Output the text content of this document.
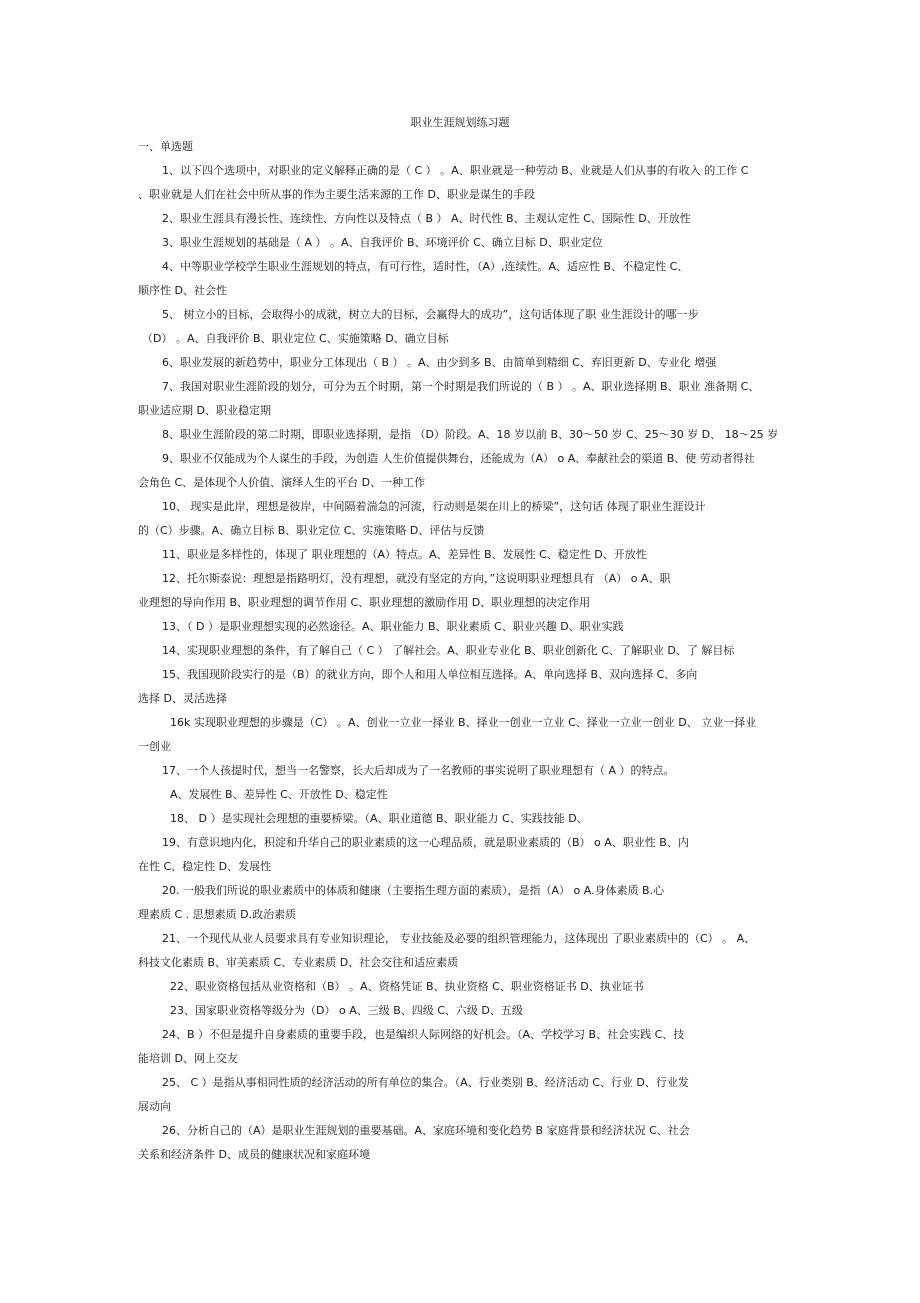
职业生涯规划练习题
一、单选题
1、以下四个选项中，对职业的定义解释正确的是（ C ） 。A、职业就是一种劳动 B、业就是人们从事的有收入 的工作 C
、职业就是人们在社会中所从事的作为主要生活来源的工作 D、职业是谋生的手段
2、职业生涯具有漫长性、连续性、方向性以及特点（ B ） A、时代性 B、主观认定性 C、国际性 D、开放性
3、职业生涯规划的基础是（ A ） 。A、自我评价 B、环境评价 C、确立目标 D、职业定位
4、中等职业学校学生职业生涯规划的特点，有可行性，适时性，（A）,连续性。A、适应性 B、不稳定性 C、
顺序性 D、社会性
5、 树立小的目标，会取得小的成就，树立大的目标，会赢得大的成功”，这句话体现了职 业生涯设计的哪一步
（D） 。A、自我评价 B、职业定位 C、实施策略 D、确立目标
6、职业发展的新趋势中，职业分工体现出（ B ） 。A、由少到多 B、由简单到精细 C、弃旧更新 D、专业化 增强
7、我国对职业生涯阶段的划分，可分为五个时期，第一个时期是我们所说的（ B ） 。A、职业选择期 B、职业 准备期 C、
职业适应期 D、职业稳定期
8、职业生涯阶段的第二时期，即职业选择期，是指 （D）阶段。A、18 岁以前 B、30～50 岁 C、25～30 岁 D、 18～25 岁
9、职业不仅能成为个人谋生的手段，为创造 人生价值提供舞台，还能成为（A） o A、奉献社会的渠道 B、使 劳动者得社
会角色 C、是体现个人价值、演绎人生的平台 D、一种工作
10、 现实是此岸，理想是彼岸，中间隔着湍急的河流，行动则是架在川上的桥梁”，这句话 体现了职业生涯设计
的（C）步骤。A、确立目标 B、职业定位 C、实施策略 D、评估与反馈
11、职业是多样性的，体现了 职业理想的（A）特点。A、差异性 B、发展性 C、稳定性 D、开放性
12、托尔斯泰说：理想是指路明灯，没有理想，就没有坚定的方向，”这说明职业理想具有 （A） o A、职
业理想的导向作用 B、职业理想的调节作用 C、职业理想的激励作用 D、职业理想的决定作用
13、（ D ）是职业理想实现的必然途径。A、职业能力 B、职业素质 C、职业兴趣 D、职业实践
14、实现职业理想的条件，有了解自己（ C ） 了解社会。A、职业专业化 B、职业创新化 C、了解职业 D、了 解目标
15、我国现阶段实行的是（B）的就业方向，即个人和用人单位相互选择。A、单向选择 B、双向选择 C、多向
选择 D、灵活选择
16k 实现职业理想的步骤是（C） 。A、创业一立业一择业 B、择业一创业一立业 C、择业一立业一创业 D、 立业一择业
一创业
17、一个人孩提时代，想当一名警察，长大后却成为了一名教师的事实说明了职业理想有（ A ）的特点。
A、发展性 B、差异性 C、开放性 D、稳定性
18、 D ）是实现社会理想的重要桥梁。（A、职业道德 B、职业能力 C、实践技能 D、
19、有意识地内化，积淀和升华自己的职业素质的这一心理品质，就是职业素质的（B） o A、职业性 B、内
在性 C、稳定性 D、发展性
20. 一般我们所说的职业素质中的体质和健康（主要指生理方面的素质），是指（A） o A.身体素质 B.心
理素质 C . 思想素质 D.政治素质
21、一个现代从业人员要求具有专业知识理论， 专业技能及必要的组织管理能力，这体现出 了职业素质中的（C） 。 A、
科技文化素质 B、审美素质 C、专业素质 D、社会交往和适应素质
22、职业资格包括从业资格和（B） 。A、资格凭证 B、执业资格 C、职业资格证书 D、执业证书
23、国家职业资格等级分为（D） o A、三级 B、四级 C、六级 D、五级
24、B ）不但是提升自身素质的重要手段，也是编织人际网络的好机会。（A、学校学习 B、社会实践 C、技
能培训 D、网上交友
25、 C ）是指从事相同性质的经济活动的所有单位的集合。（A、行业类别 B、经济活动 C、行业 D、行业发
展动向
26、分析自己的（A）是职业生涯规划的重要基础。A、家庭环境和变化趋势 B 家庭背景和经济状况 C、社会
关系和经济条件 D、成员的健康状况和家庭环境
